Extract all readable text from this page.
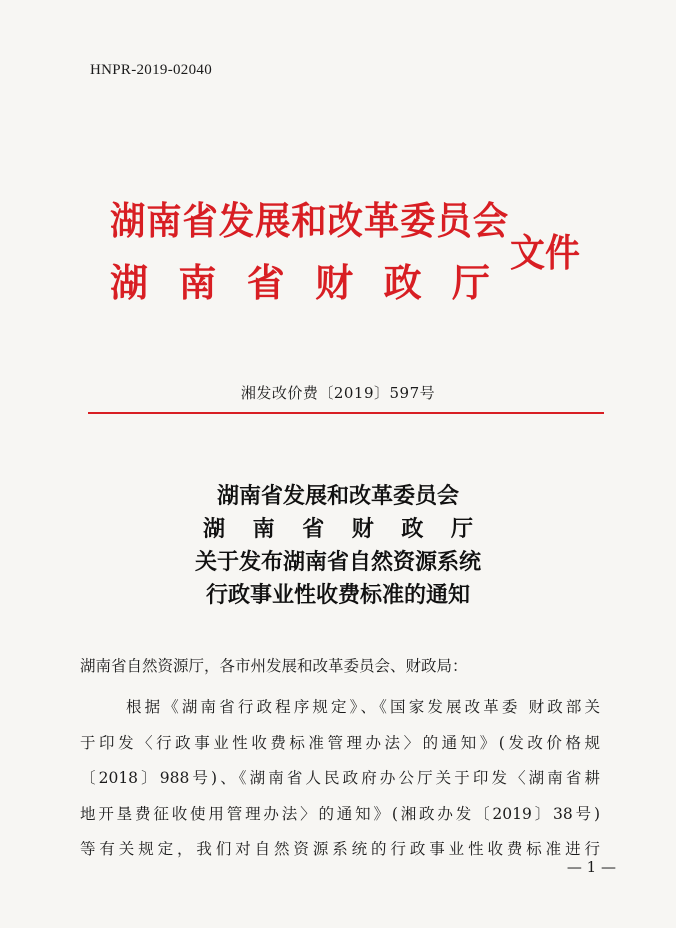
HNPR-2019-02040
湖南省发展和改革委员会
湖 南 省 财 政 厅
文件
湘发改价费〔2019〕597号
湖南省发展和改革委员会
湖 南 省 财 政 厅
关于发布湖南省自然资源系统
行政事业性收费标准的通知
湖南省自然资源厅，各市州发展和改革委员会、财政局：
根据《湖南省行政程序规定》、《国家发展改革委 财政部关
于印发〈行政事业性收费标准管理办法〉的通知》(发改价格规
〔2018〕988号)、《湖南省人民政府办公厅关于印发〈湖南省耕
地开垦费征收使用管理办法〉的通知》(湘政办发〔2019〕38号)
等有关规定，我们对自然资源系统的行政事业性收费标准进行
— 1 —
